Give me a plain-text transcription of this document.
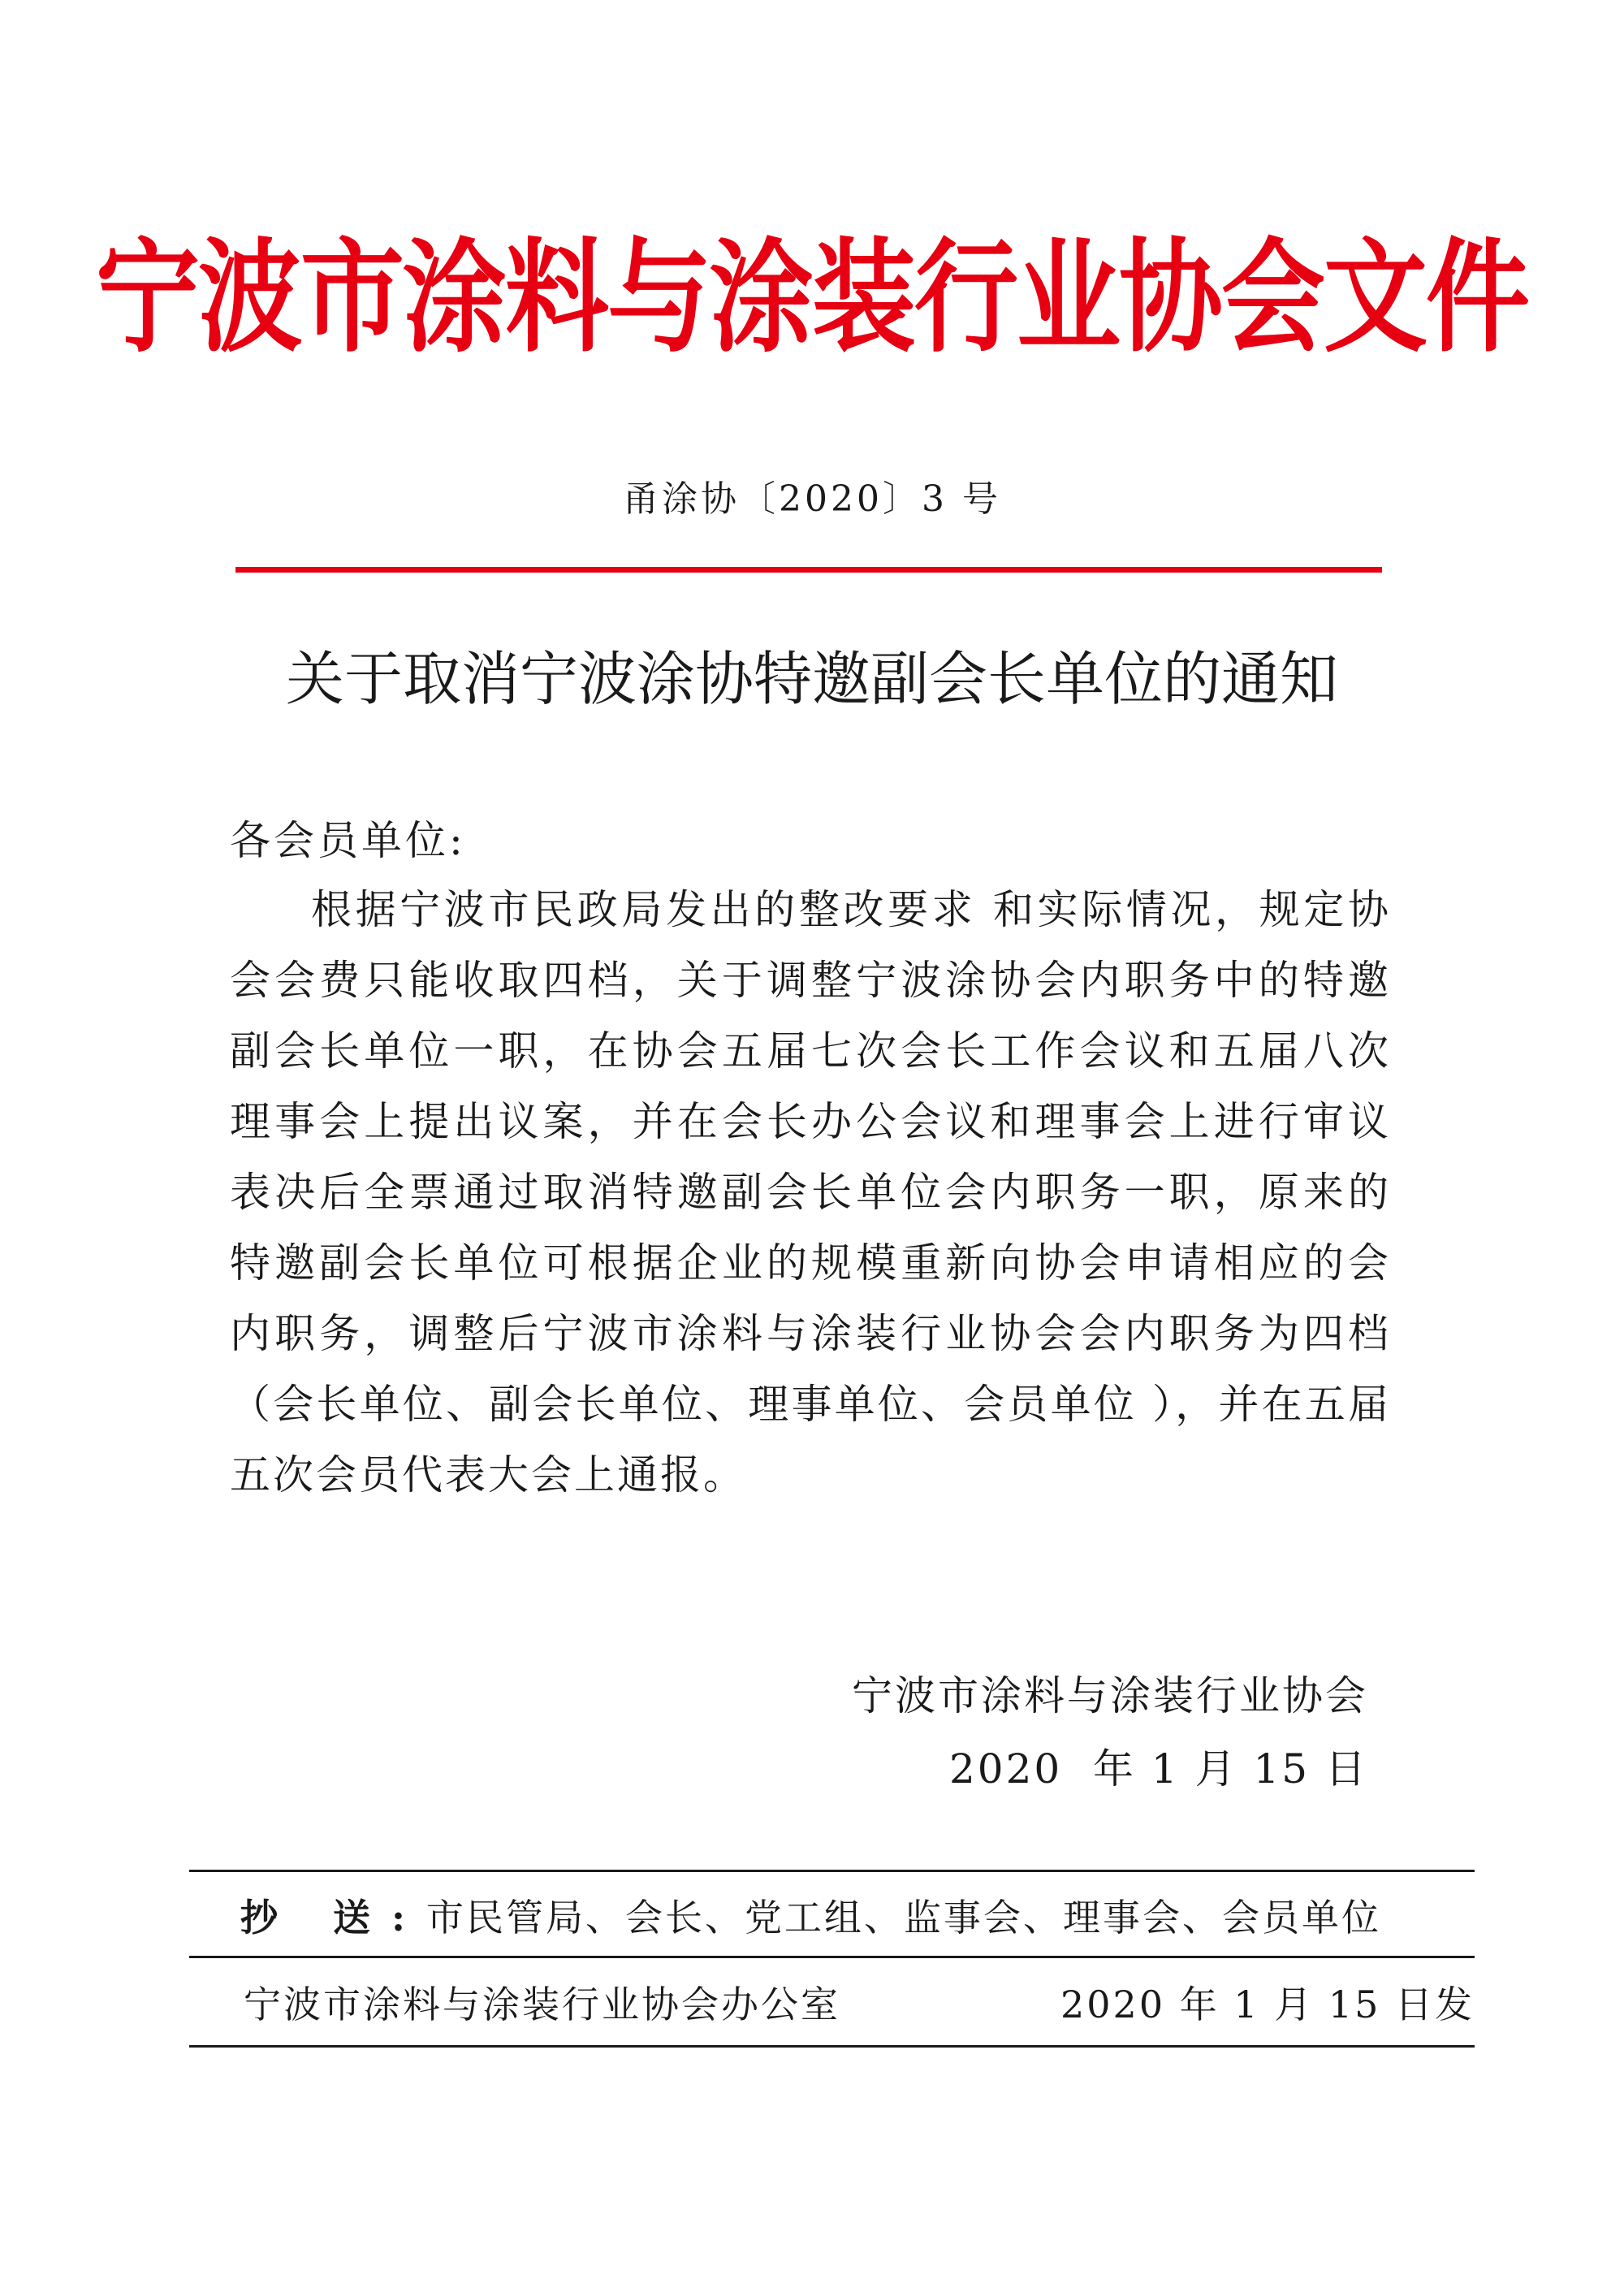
宁波市涂料与涂装行业协会文件
甬涂协〔2020〕3 号
关于取消宁波涂协特邀副会长单位的通知
各会员单位:

根据宁波市民政局发出的整改要求 和实际情况，规定协会会费只能收取四档，关于调整宁波涂协会内职务中的特邀副会长单位一职，在协会五届七次会长工作会议和五届八次理事会上提出议案，并在会长办公会议和理事会上进行审议表决后全票通过取消特邀副会长单位会内职务一职，原来的特邀副会长单位可根据企业的规模重新向协会申请相应的会内职务，调整后宁波市涂料与涂装行业协会会内职务为四档（会长单位、副会长单位、理事单位、会员单位 ），并在五届五次会员代表大会上通报。

宁波市涂料与涂装行业协会
2020  年 1 月 15 日
抄 送:市民管局、会长、党工组、监事会、理事会、会员单位
宁波市涂料与涂装行业协会办公室	2020 年 1 月 15 日发
